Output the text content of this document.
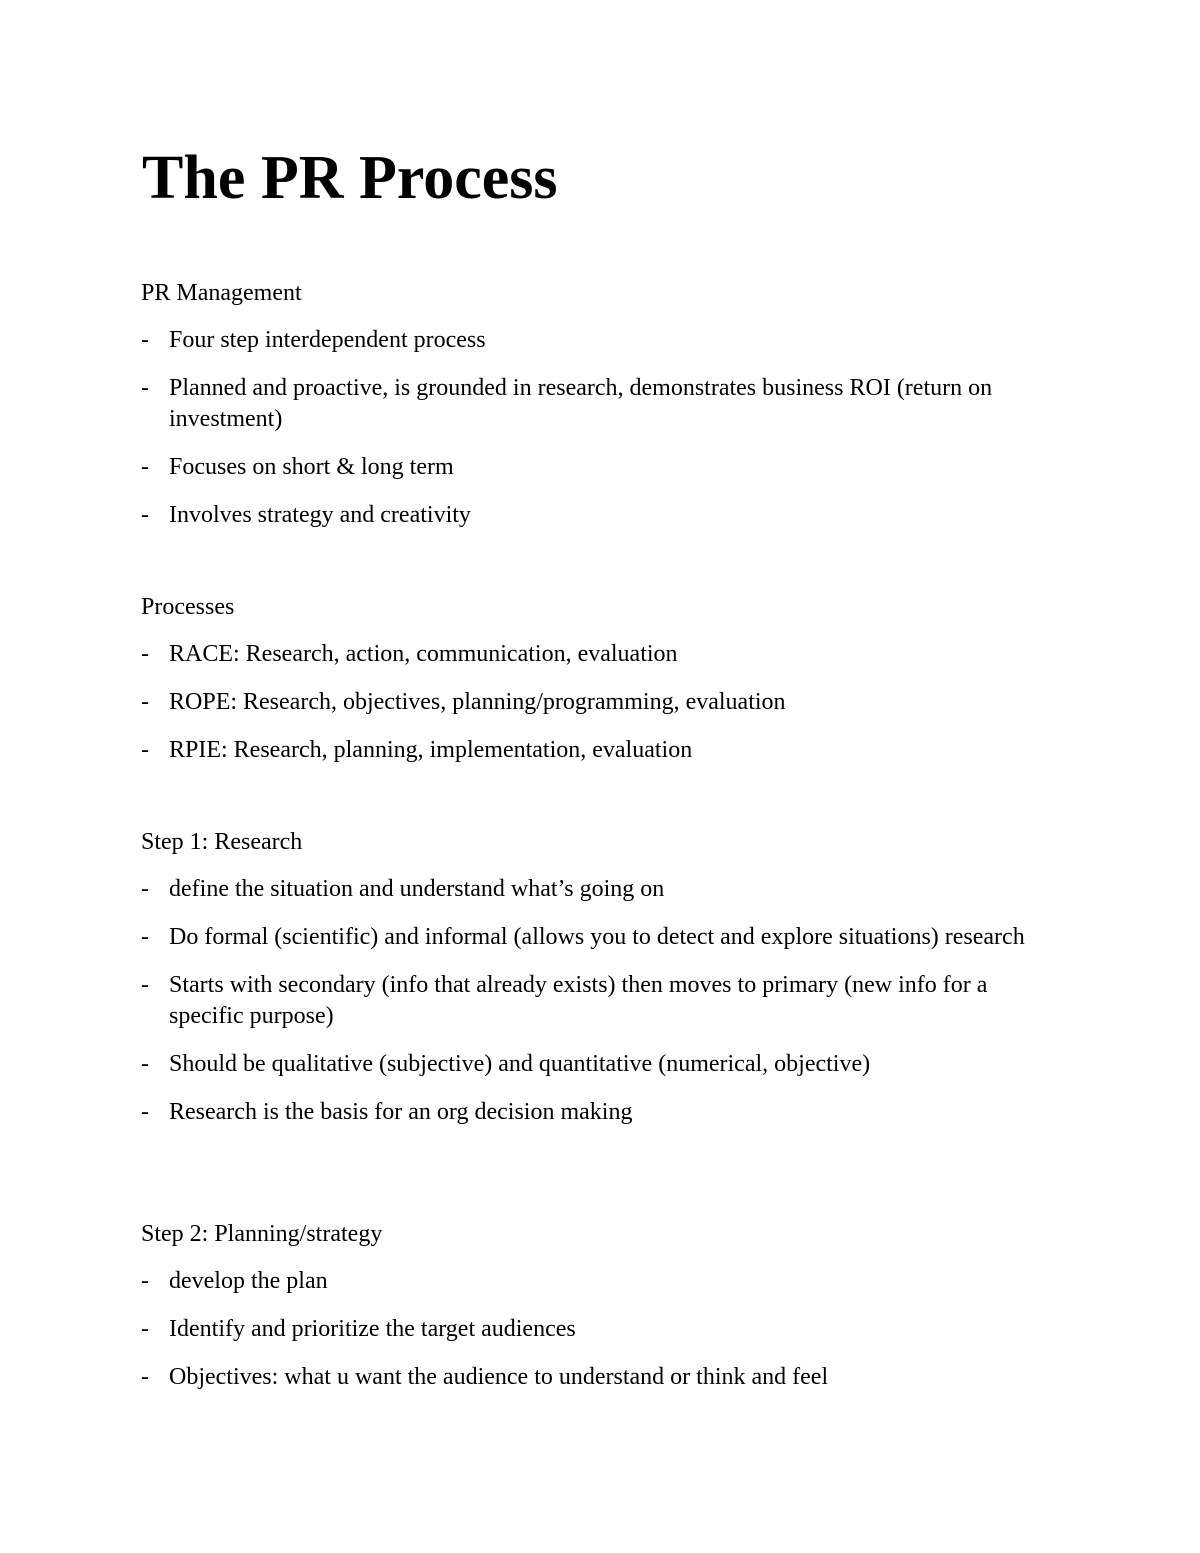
The PR Process
PR Management
- Four step interdependent process
- Planned and proactive, is grounded in research, demonstrates business ROI (return on investment)
- Focuses on short & long term
- Involves strategy and creativity
Processes
- RACE: Research, action, communication, evaluation
- ROPE: Research, objectives, planning/programming, evaluation
- RPIE: Research, planning, implementation, evaluation
Step 1: Research
- define the situation and understand what’s going on
- Do formal (scientific) and informal (allows you to detect and explore situations) research
- Starts with secondary (info that already exists) then moves to primary (new info for a specific purpose)
- Should be qualitative (subjective) and quantitative (numerical, objective)
- Research is the basis for an org decision making
Step 2: Planning/strategy
- develop the plan
- Identify and prioritize the target audiences
- Objectives: what u want the audience to understand or think and feel
